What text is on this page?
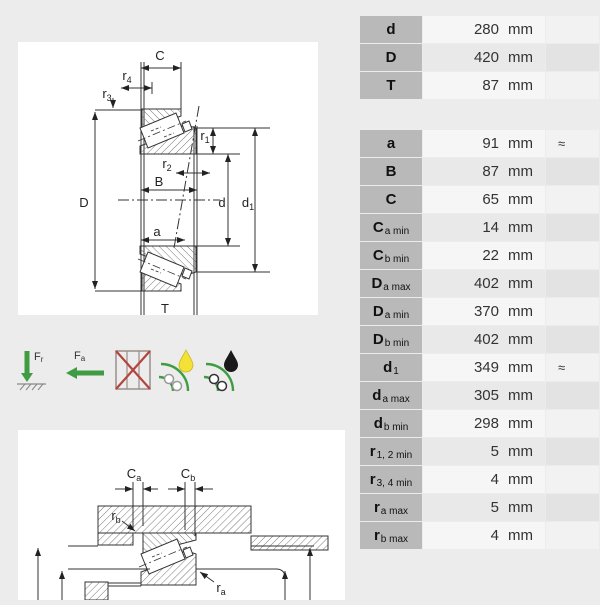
C
$r_4$
$r_3$
D
$r_1$
$r_2$
B
d $d_1$
a
T
Fr	Fa
$C_a$	$C_b$
$r_b$
$r_a$
d	280 mm
D	420 mm
T	87 mm
a	91 mm	≈
B	87 mm
C	65 mm
C a min	14 mm
C b min	22 mm
D a max	402 mm
D a min	370 mm
D b min	402 mm
d 1	349 mm	≈
d a max	305 mm
d b min	298 mm
r 1, 2 min	5 mm
r 3, 4 min	4 mm
r a max	5 mm
r b max	4 mm
